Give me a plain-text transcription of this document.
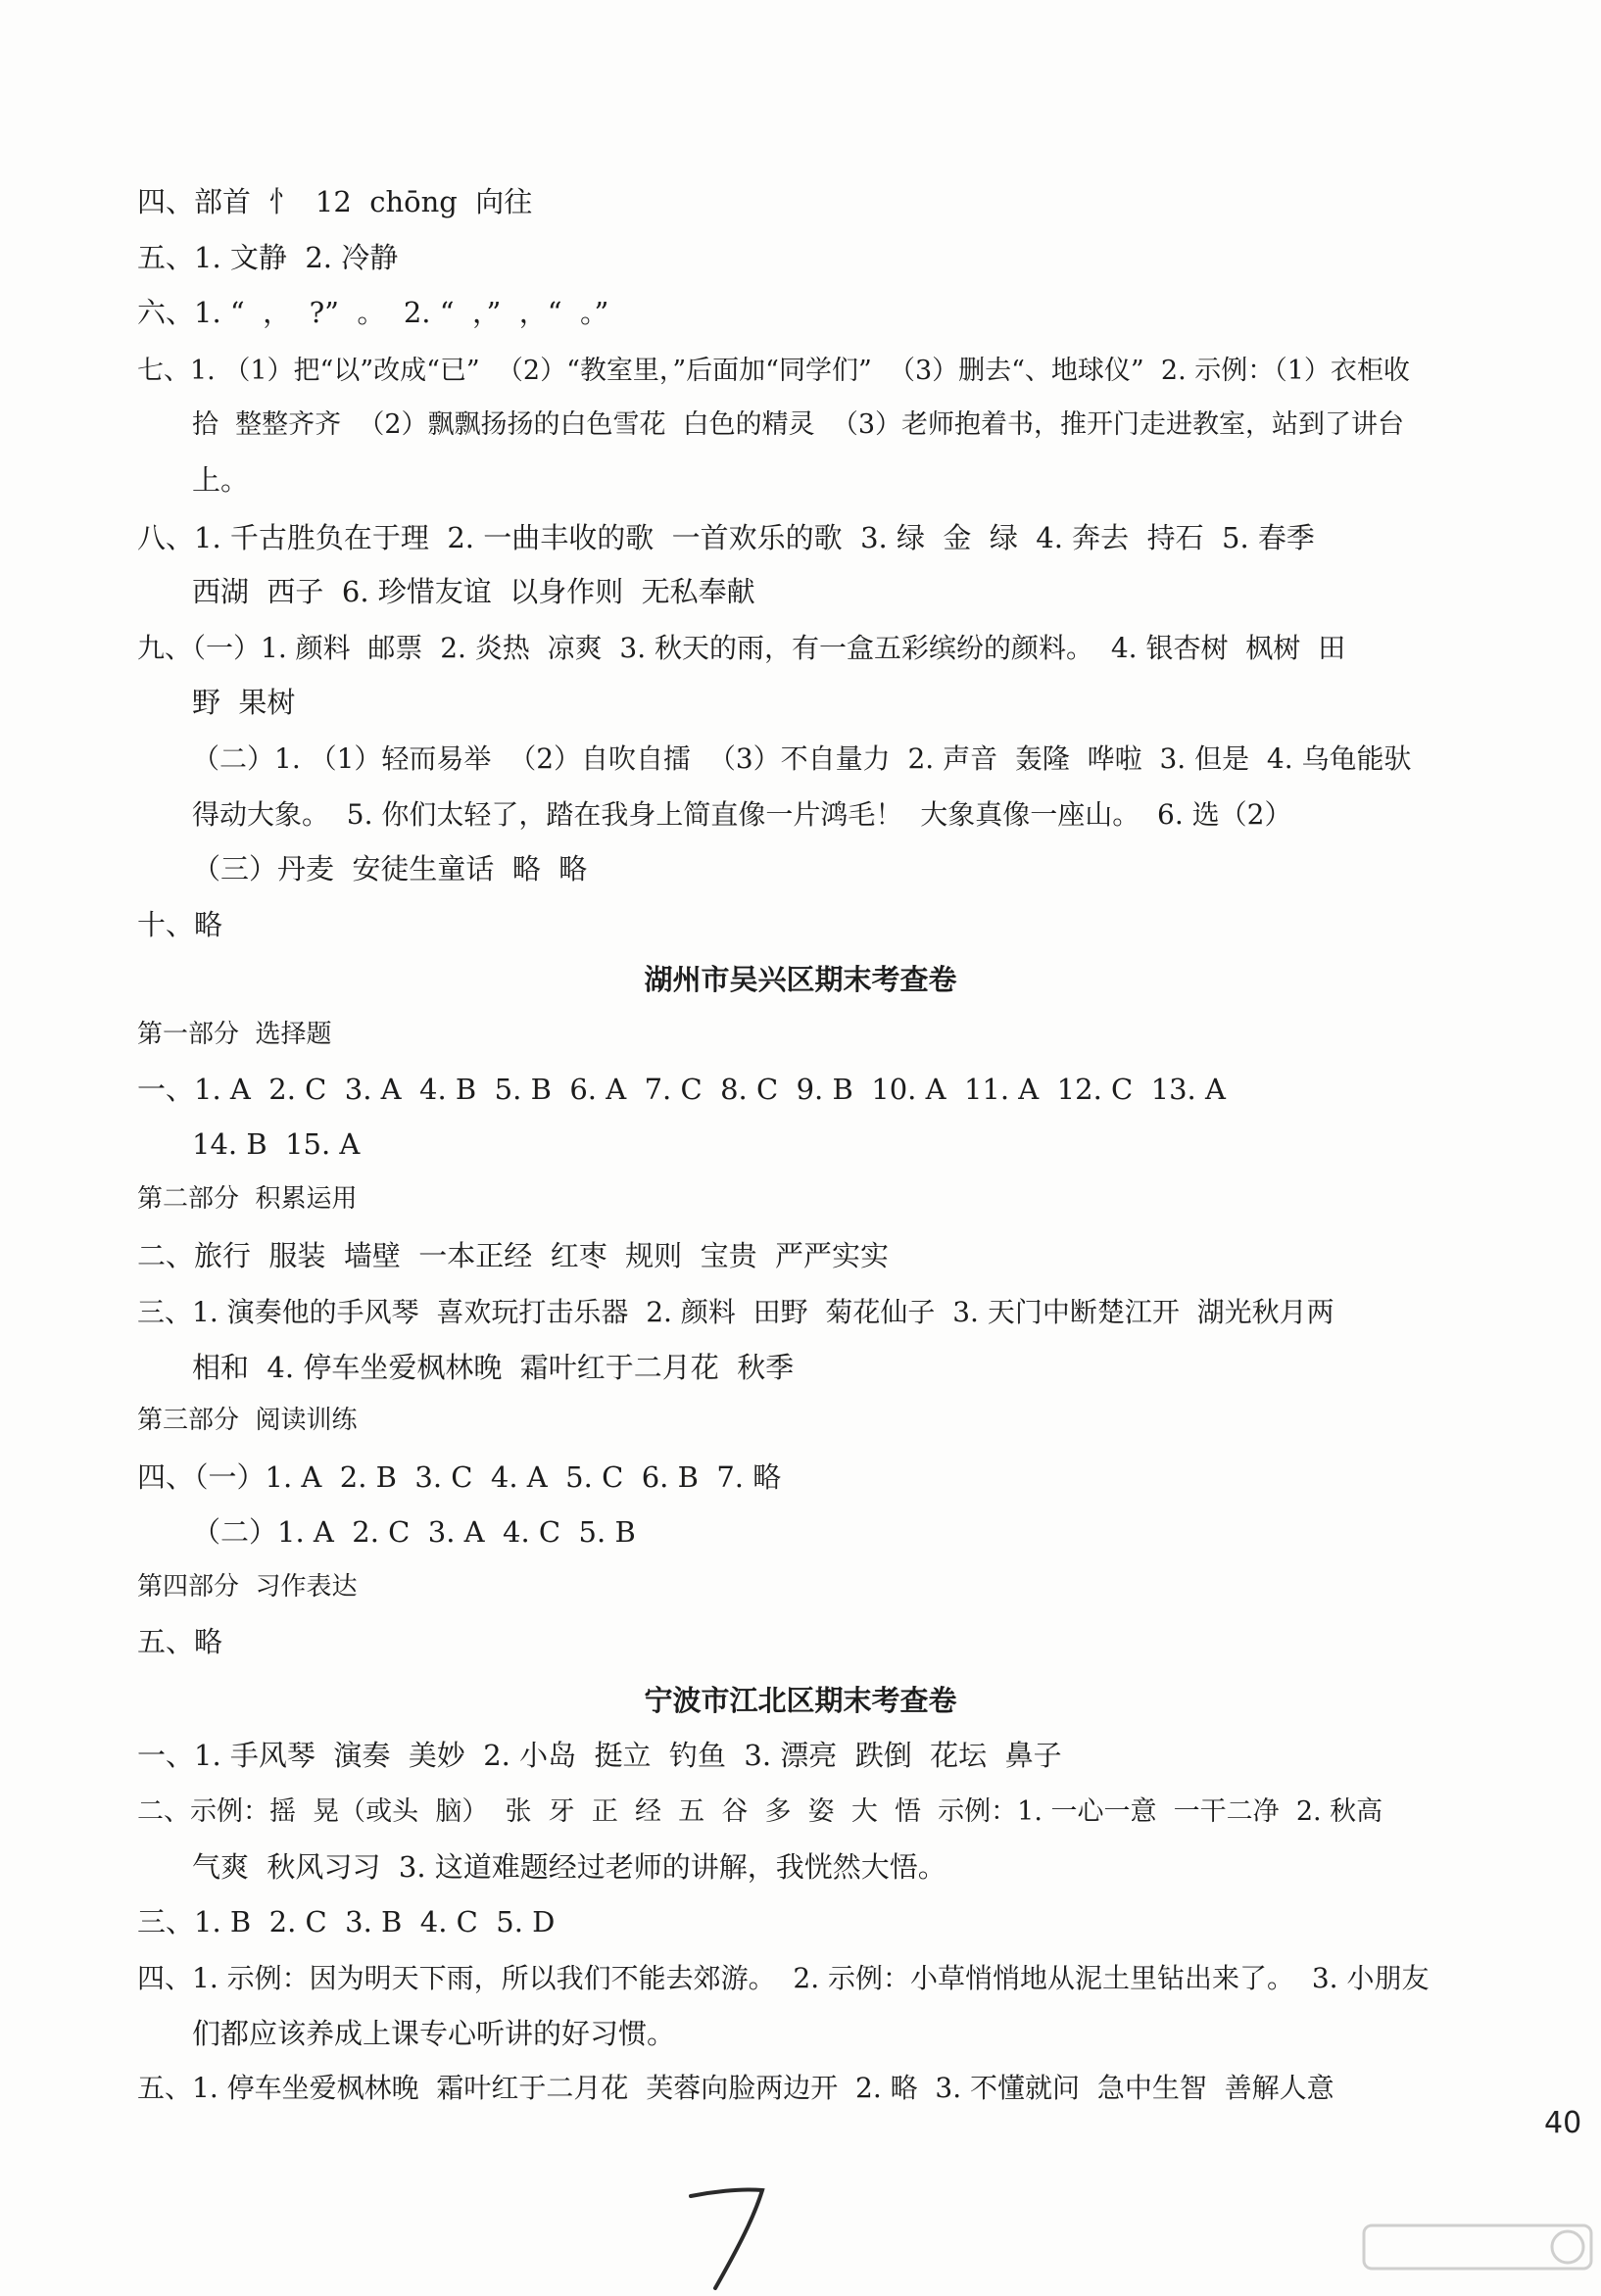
四、部首  忄  12  chōng  向往
五、1. 文静  2. 冷静
六、1. “  ，  ?”  。  2. “  ，”  ，“  。”
七、1. （1）把“以”改成“已”  （2）“教室里，”后面加“同学们”  （3）删去“、地球仪”  2. 示例：（1）衣柜收
拾  整整齐齐  （2）飘飘扬扬的白色雪花  白色的精灵  （3）老师抱着书，推开门走进教室，站到了讲台
上。
八、1. 千古胜负在于理  2. 一曲丰收的歌  一首欢乐的歌  3. 绿  金  绿  4. 奔去  持石  5. 春季
西湖  西子  6. 珍惜友谊  以身作则  无私奉献
九、（一）1. 颜料  邮票  2. 炎热  凉爽  3. 秋天的雨，有一盒五彩缤纷的颜料。  4. 银杏树  枫树  田
野  果树
（二）1. （1）轻而易举  （2）自吹自擂  （3）不自量力  2. 声音  轰隆  哗啦  3. 但是  4. 乌龟能驮
得动大象。  5. 你们太轻了，踏在我身上简直像一片鸿毛！  大象真像一座山。  6. 选（2）
（三）丹麦  安徒生童话  略  略
十、略
湖州市吴兴区期末考查卷
第一部分  选择题
一、1. A  2. C  3. A  4. B  5. B  6. A  7. C  8. C  9. B  10. A  11. A  12. C  13. A
14. B  15. A
第二部分  积累运用
二、旅行  服装  墙壁  一本正经  红枣  规则  宝贵  严严实实
三、1. 演奏他的手风琴  喜欢玩打击乐器  2. 颜料  田野  菊花仙子  3. 天门中断楚江开  湖光秋月两
相和  4. 停车坐爱枫林晚  霜叶红于二月花  秋季
第三部分  阅读训练
四、（一）1. A  2. B  3. C  4. A  5. C  6. B  7. 略
（二）1. A  2. C  3. A  4. C  5. B
第四部分  习作表达
五、略
宁波市江北区期末考查卷
一、1. 手风琴  演奏  美妙  2. 小岛  挺立  钓鱼  3. 漂亮  跌倒  花坛  鼻子
二、示例：摇  晃（或头  脑）  张  牙  正  经  五  谷  多  姿  大  悟  示例：1. 一心一意  一干二净  2. 秋高
气爽  秋风习习  3. 这道难题经过老师的讲解，我恍然大悟。
三、1. B  2. C  3. B  4. C  5. D
四、1. 示例：因为明天下雨，所以我们不能去郊游。  2. 示例：小草悄悄地从泥土里钻出来了。  3. 小朋友
们都应该养成上课专心听讲的好习惯。
五、1. 停车坐爱枫林晚  霜叶红于二月花  芙蓉向脸两边开  2. 略  3. 不懂就问  急中生智  善解人意
40
